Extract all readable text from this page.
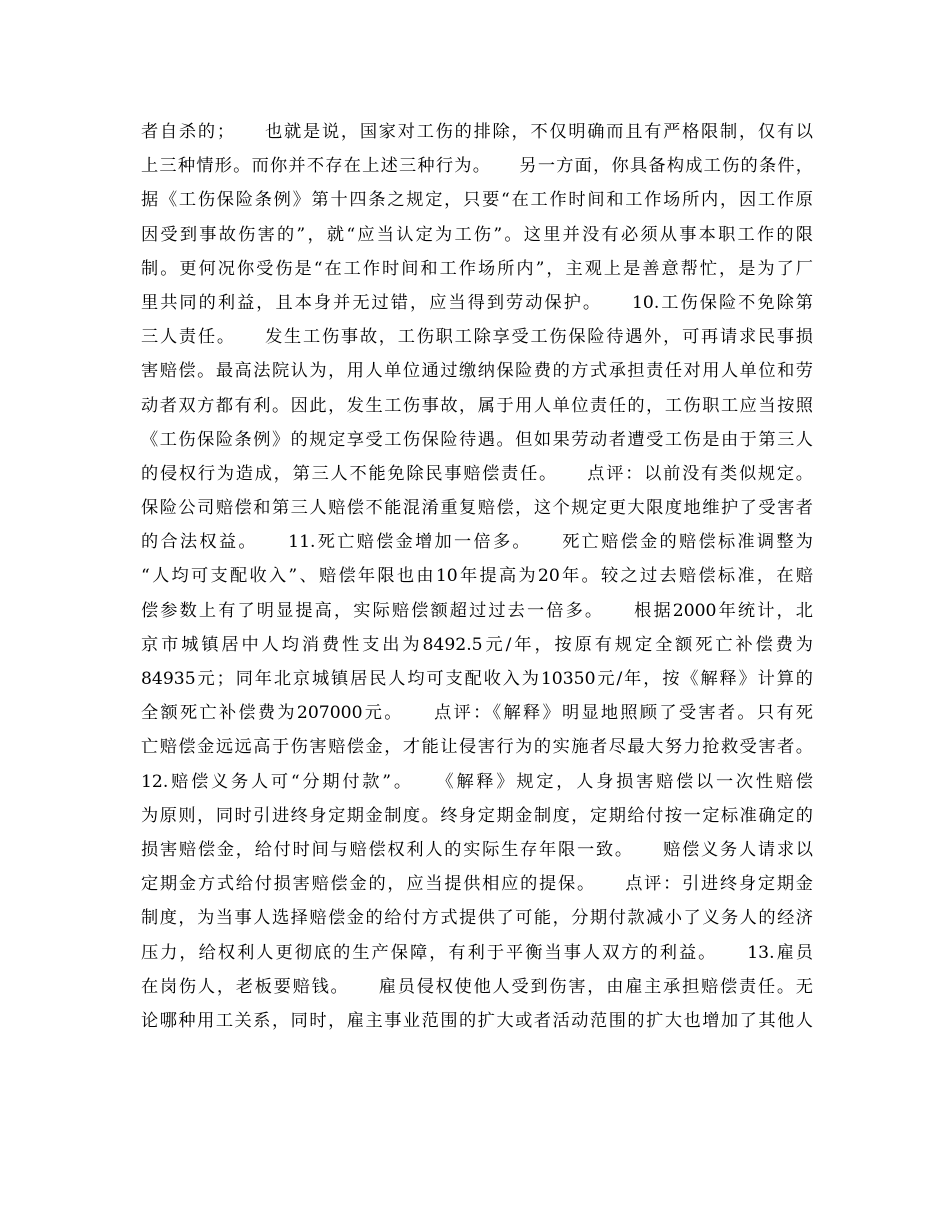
者自杀的；　　也就是说，国家对工伤的排除，不仅明确而且有严格限制，仅有以
上三种情形。而你并不存在上述三种行为。　　另一方面，你具备构成工伤的条件，
据《工伤保险条例》第十四条之规定，只要“在工作时间和工作场所内，因工作原
因受到事故伤害的”，就“应当认定为工伤”。这里并没有必须从事本职工作的限
制。更何况你受伤是“在工作时间和工作场所内”，主观上是善意帮忙，是为了厂
里共同的利益，且本身并无过错，应当得到劳动保护。　　10.工伤保险不免除第
三人责任。　　发生工伤事故，工伤职工除享受工伤保险待遇外，可再请求民事损
害赔偿。最高法院认为，用人单位通过缴纳保险费的方式承担责任对用人单位和劳
动者双方都有利。因此，发生工伤事故，属于用人单位责任的，工伤职工应当按照
《工伤保险条例》的规定享受工伤保险待遇。但如果劳动者遭受工伤是由于第三人
的侵权行为造成，第三人不能免除民事赔偿责任。　　点评：以前没有类似规定。
保险公司赔偿和第三人赔偿不能混淆重复赔偿，这个规定更大限度地维护了受害者
的合法权益。　　11.死亡赔偿金增加一倍多。　　死亡赔偿金的赔偿标准调整为
“人均可支配收入”、赔偿年限也由10年提高为20年。较之过去赔偿标准，在赔
偿参数上有了明显提高，实际赔偿额超过过去一倍多。　　根据2000年统计，北
京市城镇居中人均消费性支出为8492.5元/年，按原有规定全额死亡补偿费为
84935元；同年北京城镇居民人均可支配收入为10350元/年，按《解释》计算的
全额死亡补偿费为207000元。　　点评：《解释》明显地照顾了受害者。只有死
亡赔偿金远远高于伤害赔偿金，才能让侵害行为的实施者尽最大努力抢救受害者。
12.赔偿义务人可“分期付款”。　　《解释》规定，人身损害赔偿以一次性赔偿
为原则，同时引进终身定期金制度。终身定期金制度，定期给付按一定标准确定的
损害赔偿金，给付时间与赔偿权利人的实际生存年限一致。　　赔偿义务人请求以
定期金方式给付损害赔偿金的，应当提供相应的提保。　　点评：引进终身定期金
制度，为当事人选择赔偿金的给付方式提供了可能，分期付款减小了义务人的经济
压力，给权利人更彻底的生产保障，有利于平衡当事人双方的利益。　　13.雇员
在岗伤人，老板要赔钱。　　雇员侵权使他人受到伤害，由雇主承担赔偿责任。无
论哪种用工关系，同时，雇主事业范围的扩大或者活动范围的扩大也增加了其他人
